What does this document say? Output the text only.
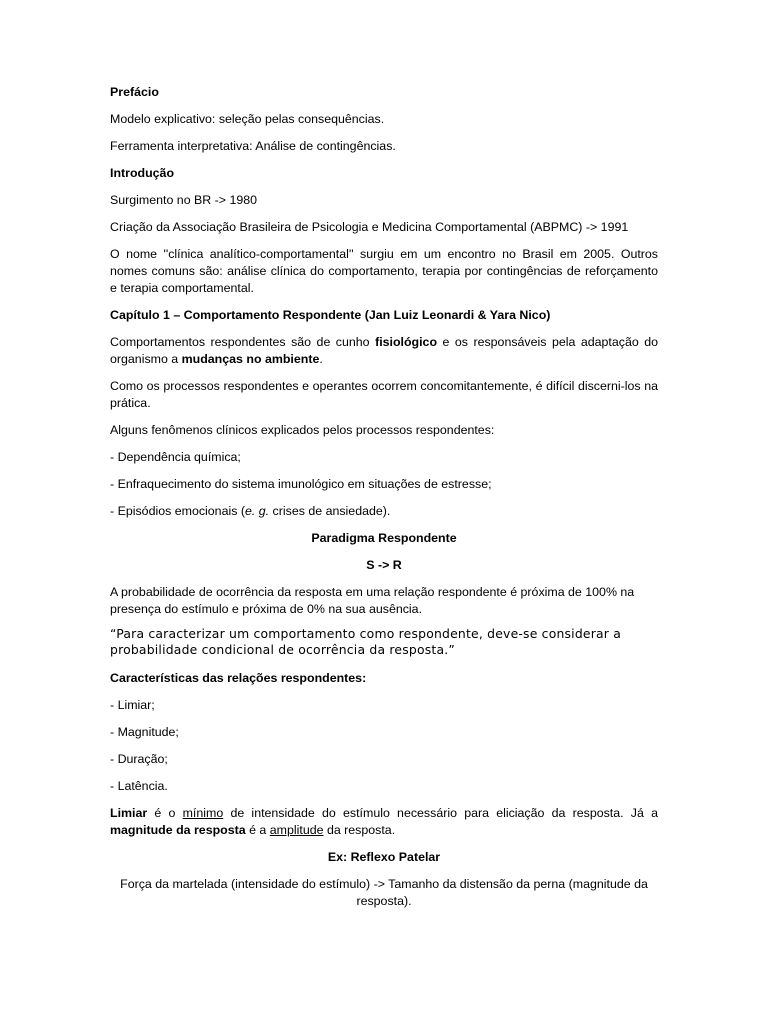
Prefácio

Modelo explicativo: seleção pelas consequências.

Ferramenta interpretativa: Análise de contingências.

Introdução

Surgimento no BR -> 1980

Criação da Associação Brasileira de Psicologia e Medicina Comportamental (ABPMC) -> 1991

O nome ''clínica analítico-comportamental'' surgiu em um encontro no Brasil em 2005. Outros nomes comuns são: análise clínica do comportamento, terapia por contingências de reforçamento e terapia comportamental.

Capítulo 1 – Comportamento Respondente (Jan Luiz Leonardi & Yara Nico)

Comportamentos respondentes são de cunho fisiológico e os responsáveis pela adaptação do organismo a mudanças no ambiente.

Como os processos respondentes e operantes ocorrem concomitantemente, é difícil discerni-los na prática.

Alguns fenômenos clínicos explicados pelos processos respondentes:

- Dependência química;

- Enfraquecimento do sistema imunológico em situações de estresse;

- Episódios emocionais (e. g. crises de ansiedade).

Paradigma Respondente

S -> R

A probabilidade de ocorrência da resposta em uma relação respondente é próxima de 100% na presença do estímulo e próxima de 0% na sua ausência.

“Para caracterizar um comportamento como respondente, deve-se considerar a probabilidade condicional de ocorrência da resposta.”

Características das relações respondentes:

- Limiar;

- Magnitude;

- Duração;

- Latência.

Limiar é o mínimo de intensidade do estímulo necessário para eliciação da resposta. Já a magnitude da resposta é a amplitude da resposta.

Ex: Reflexo Patelar

Força da martelada (intensidade do estímulo) -> Tamanho da distensão da perna (magnitude da resposta).
